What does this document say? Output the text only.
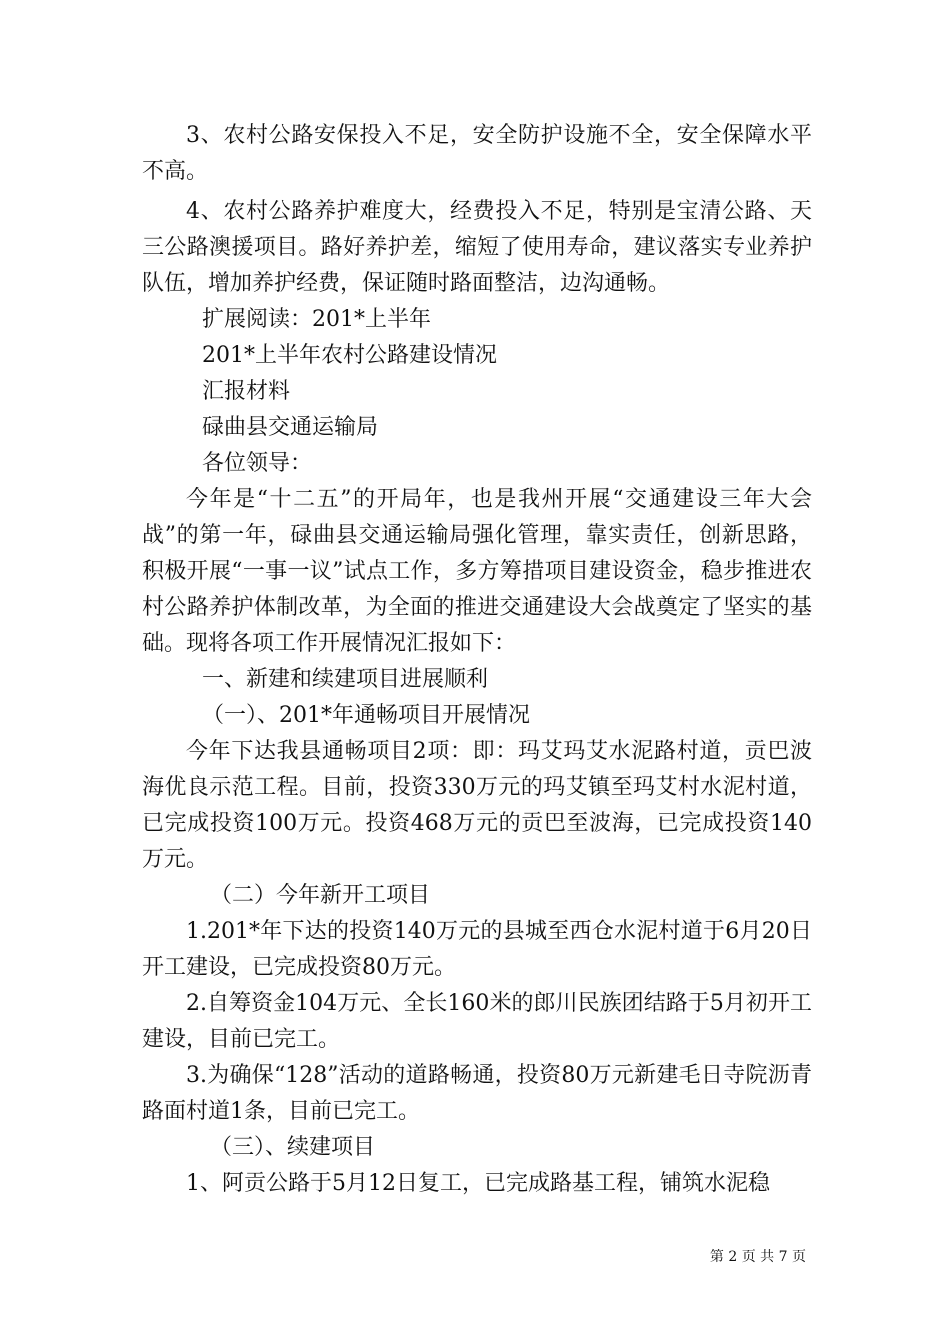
3、农村公路安保投入不足，安全防护设施不全，安全保障水平不高。

4、农村公路养护难度大，经费投入不足，特别是宝清公路、天三公路澳援项目。路好养护差，缩短了使用寿命，建议落实专业养护队伍，增加养护经费，保证随时路面整洁，边沟通畅。

扩展阅读：201*上半年

201*上半年农村公路建设情况

汇报材料

碌曲县交通运输局

各位领导：

今年是“十二五”的开局年，也是我州开展“交通建设三年大会战”的第一年，碌曲县交通运输局强化管理，靠实责任，创新思路，积极开展“一事一议”试点工作，多方筹措项目建设资金，稳步推进农村公路养护体制改革，为全面的推进交通建设大会战奠定了坚实的基础。现将各项工作开展情况汇报如下：

一、新建和续建项目进展顺利

（一）、201*年通畅项目开展情况

今年下达我县通畅项目2项：即：玛艾玛艾水泥路村道，贡巴波海优良示范工程。目前，投资330万元的玛艾镇至玛艾村水泥村道，已完成投资100万元。投资468万元的贡巴至波海，已完成投资140万元。

（二）今年新开工项目

1.201*年下达的投资140万元的县城至西仓水泥村道于6月20日开工建设，已完成投资80万元。

2.自筹资金104万元、全长160米的郎川民族团结路于5月初开工建设，目前已完工。

3.为确保“128”活动的道路畅通，投资80万元新建毛日寺院沥青路面村道1条，目前已完工。

（三）、续建项目

1、阿贡公路于5月12日复工，已完成路基工程，铺筑水泥稳

第 2 页 共 7 页
